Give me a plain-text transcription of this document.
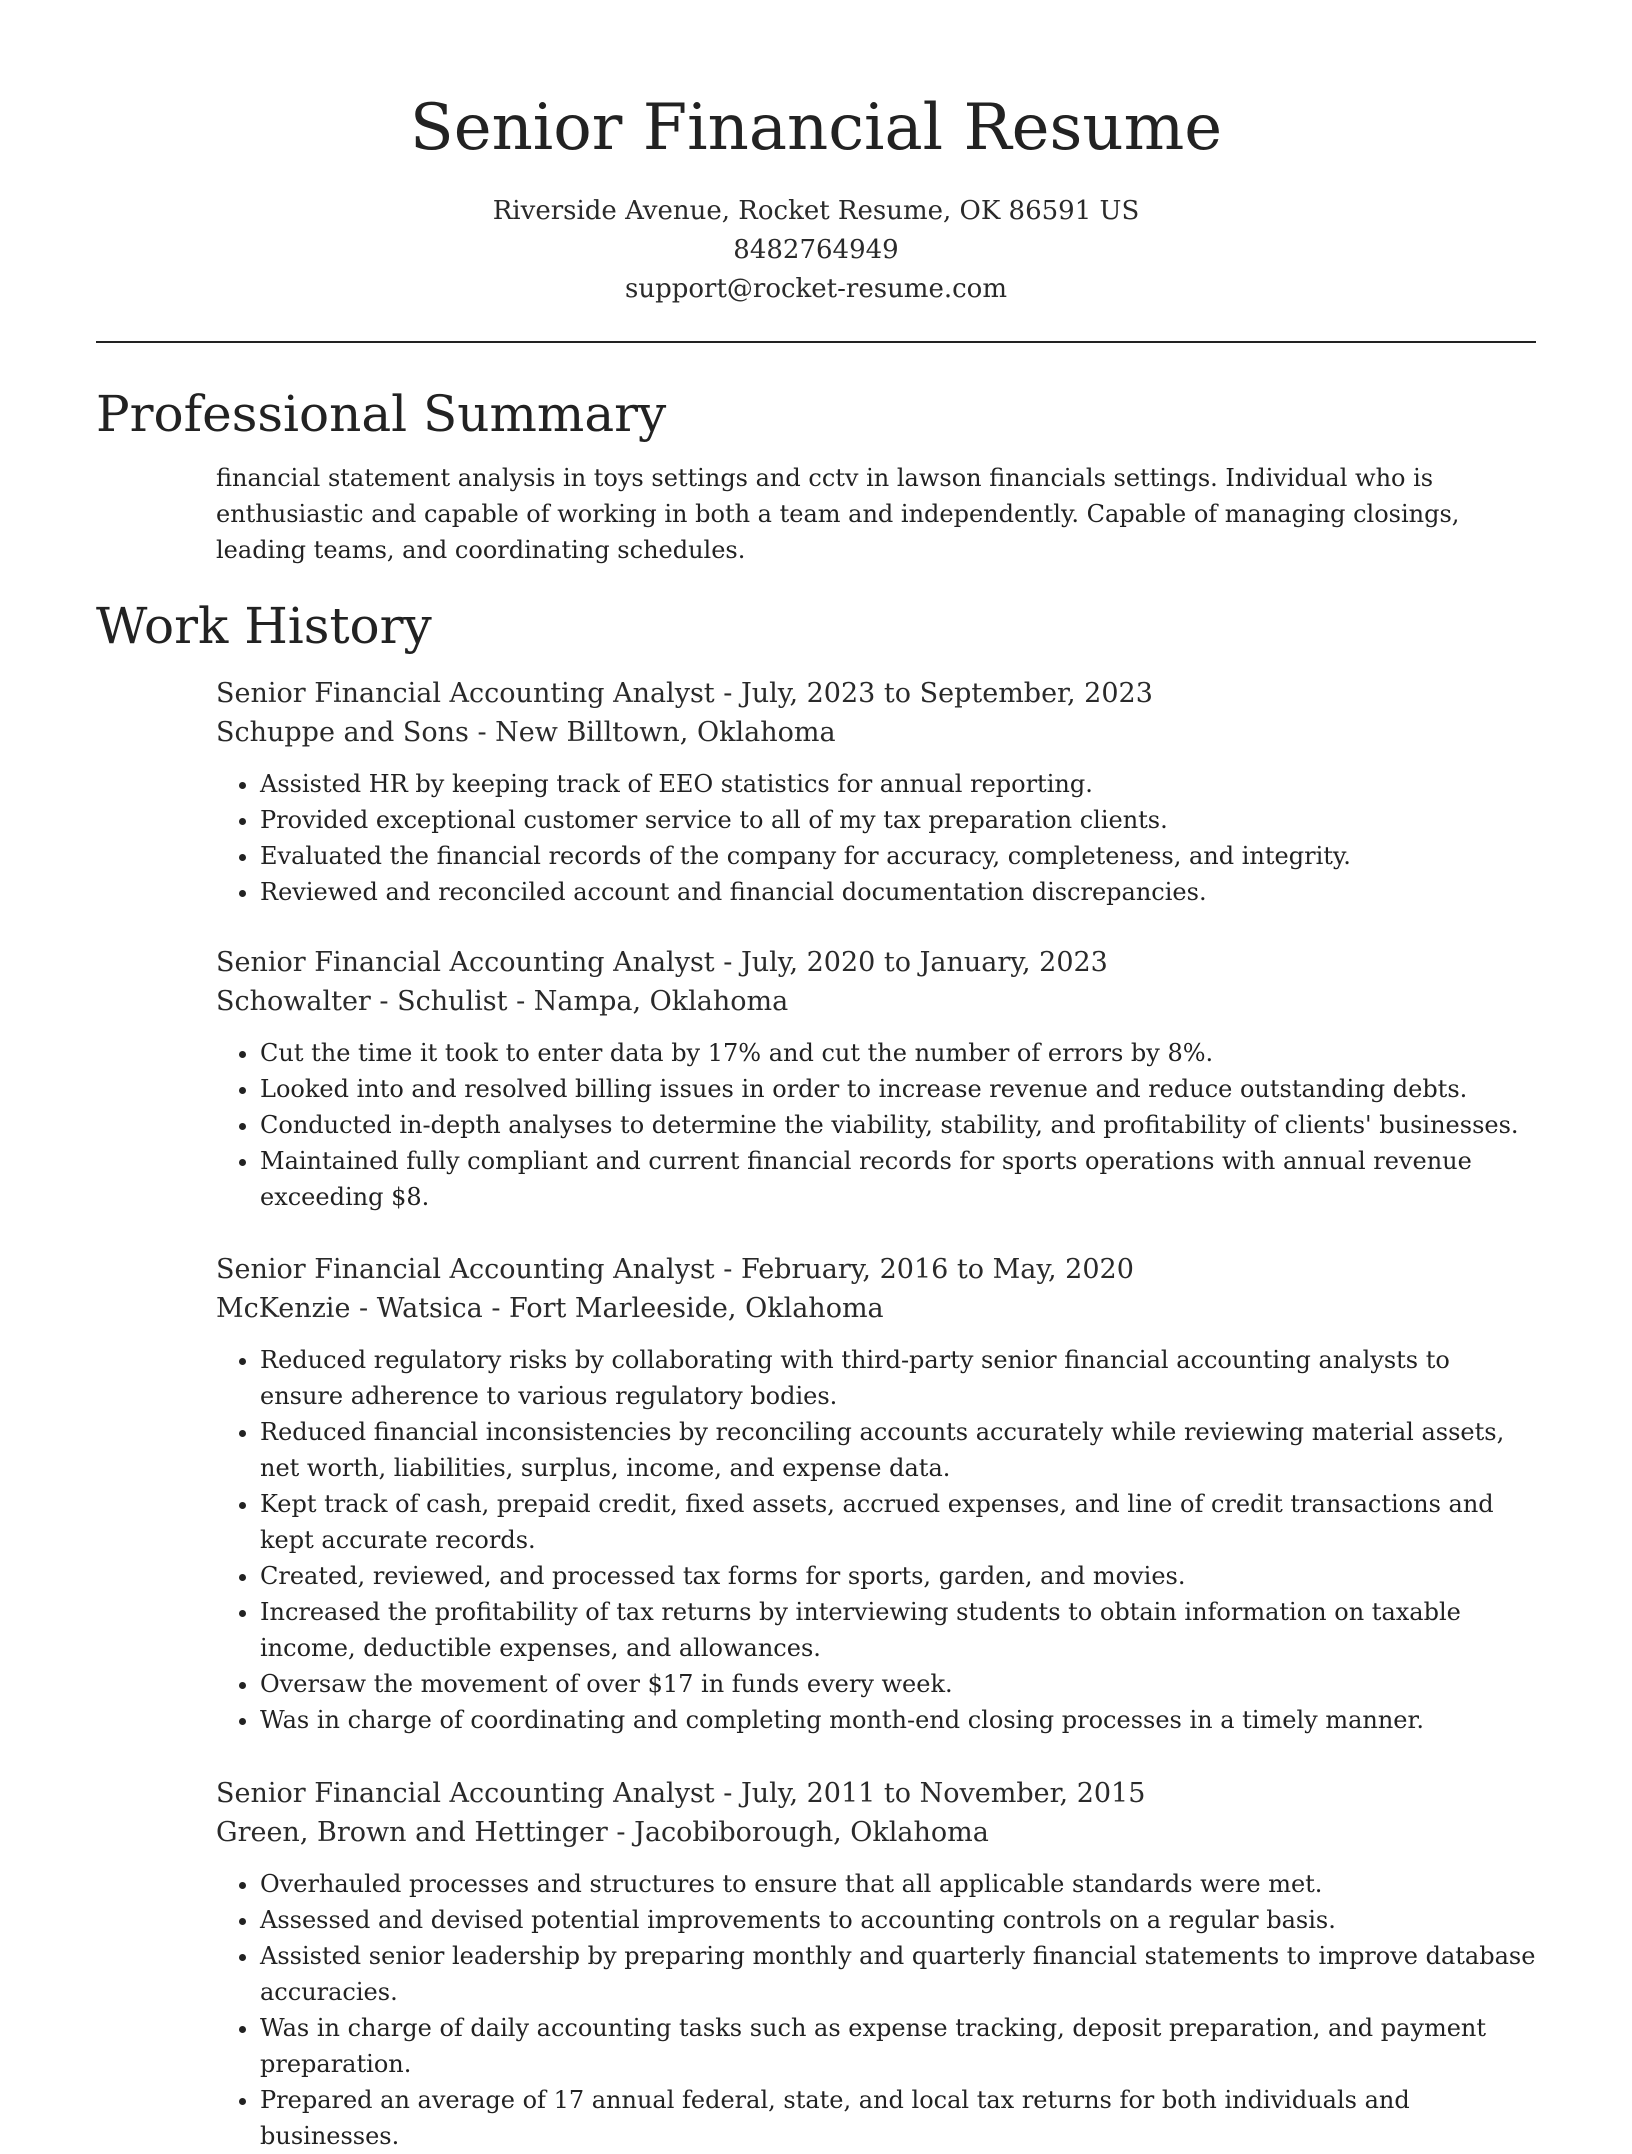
Senior Financial Resume
Riverside Avenue, Rocket Resume, OK 86591 US
8482764949
support@rocket-resume.com
Professional Summary

financial statement analysis in toys settings and cctv in lawson financials settings. Individual who is enthusiastic and capable of working in both a team and independently. Capable of managing closings, leading teams, and coordinating schedules.

Work History
Senior Financial Accounting Analyst - July, 2023 to September, 2023
Schuppe and Sons - New Billtown, Oklahoma
• Assisted HR by keeping track of EEO statistics for annual reporting.
• Provided exceptional customer service to all of my tax preparation clients.
• Evaluated the financial records of the company for accuracy, completeness, and integrity.
• Reviewed and reconciled account and financial documentation discrepancies.
Senior Financial Accounting Analyst - July, 2020 to January, 2023
Schowalter - Schulist - Nampa, Oklahoma
• Cut the time it took to enter data by 17% and cut the number of errors by 8%.
• Looked into and resolved billing issues in order to increase revenue and reduce outstanding debts.
• Conducted in-depth analyses to determine the viability, stability, and profitability of clients' businesses.
• Maintained fully compliant and current financial records for sports operations with annual revenue exceeding $8.
Senior Financial Accounting Analyst - February, 2016 to May, 2020
McKenzie - Watsica - Fort Marleeside, Oklahoma
• Reduced regulatory risks by collaborating with third-party senior financial accounting analysts to ensure adherence to various regulatory bodies.
• Reduced financial inconsistencies by reconciling accounts accurately while reviewing material assets, net worth, liabilities, surplus, income, and expense data.
• Kept track of cash, prepaid credit, fixed assets, accrued expenses, and line of credit transactions and kept accurate records.
• Created, reviewed, and processed tax forms for sports, garden, and movies.
• Increased the profitability of tax returns by interviewing students to obtain information on taxable income, deductible expenses, and allowances.
• Oversaw the movement of over $17 in funds every week.
• Was in charge of coordinating and completing month-end closing processes in a timely manner.
Senior Financial Accounting Analyst - July, 2011 to November, 2015
Green, Brown and Hettinger - Jacobiborough, Oklahoma
• Overhauled processes and structures to ensure that all applicable standards were met.
• Assessed and devised potential improvements to accounting controls on a regular basis.
• Assisted senior leadership by preparing monthly and quarterly financial statements to improve database accuracies.
• Was in charge of daily accounting tasks such as expense tracking, deposit preparation, and payment preparation.
• Prepared an average of 17 annual federal, state, and local tax returns for both individuals and businesses.
